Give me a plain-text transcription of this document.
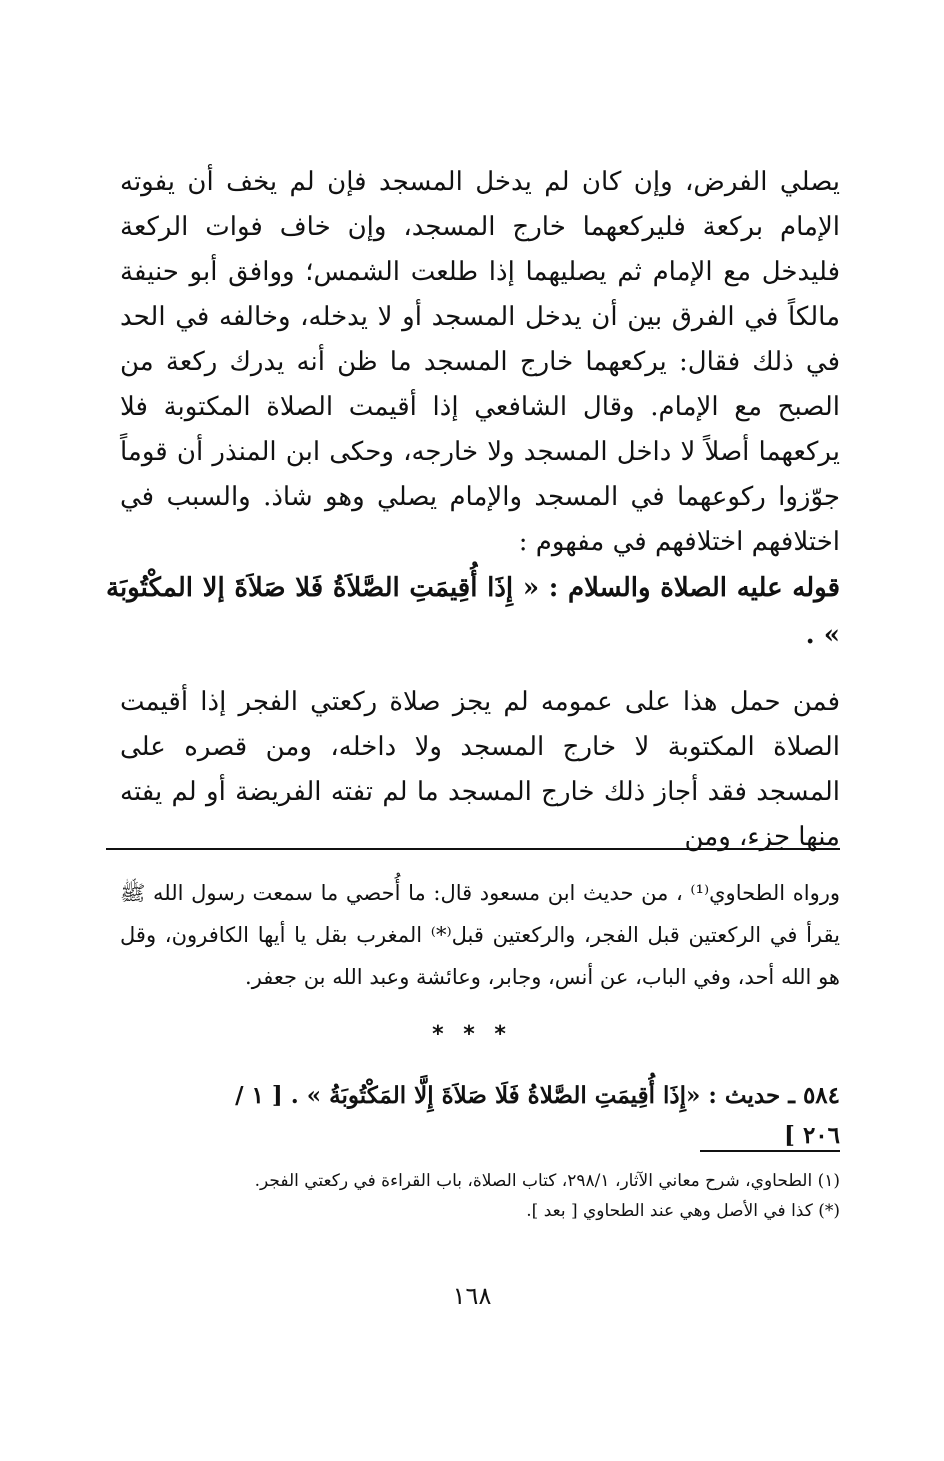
يصلي الفرض، وإن كان لم يدخل المسجد فإن لم يخف أن يفوته الإمام بركعة فليركعهما خارج المسجد، وإن خاف فوات الركعة فليدخل مع الإمام ثم يصليهما إذا طلعت الشمس؛ ووافق أبو حنيفة مالكاً في الفرق بين أن يدخل المسجد أو لا يدخله، وخالفه في الحد في ذلك فقال: يركعهما خارج المسجد ما ظن أنه يدرك ركعة من الصبح مع الإمام. وقال الشافعي إذا أقيمت الصلاة المكتوبة فلا يركعهما أصلاً لا داخل المسجد ولا خارجه، وحكى ابن المنذر أن قوماً جوّزوا ركوعهما في المسجد والإمام يصلي وهو شاذ. والسبب في اختلافهم اختلافهم في مفهوم :

قوله عليه الصلاة والسلام : « إِذَا أُقِيمَتِ الصَّلاَةُ فَلا صَلاَةَ إلا المكْتُوبَة » .

فمن حمل هذا على عمومه لم يجز صلاة ركعتي الفجر إذا أقيمت الصلاة المكتوبة لا خارج المسجد ولا داخله، ومن قصره على المسجد فقد أجاز ذلك خارج المسجد ما لم تفته الفريضة أو لم يفته منها جزء، ومن

ورواه الطحاوي⁽¹⁾ ، من حديث ابن مسعود قال: ما أُحصي ما سمعت رسول الله ﷺ يقرأ في الركعتين قبل الفجر، والركعتين قبل⁽*⁾ المغرب بقل يا أيها الكافرون، وقل هو الله أحد، وفي الباب، عن أنس، وجابر، وعائشة وعبد الله بن جعفر.

* * *

٥٨٤ ـ حديث : «إِذَا أُقِيمَتِ الصَّلاةُ فَلَا صَلاَةَ إِلَّا المَكْتُوبَةُ » . [ ١ / ٢٠٦ ]

(١) الطحاوي، شرح معاني الآثار، ٢٩٨/١، كتاب الصلاة، باب القراءة في ركعتي الفجر.
(*) كذا في الأصل وهي عند الطحاوي [ بعد ].
١٦٨
